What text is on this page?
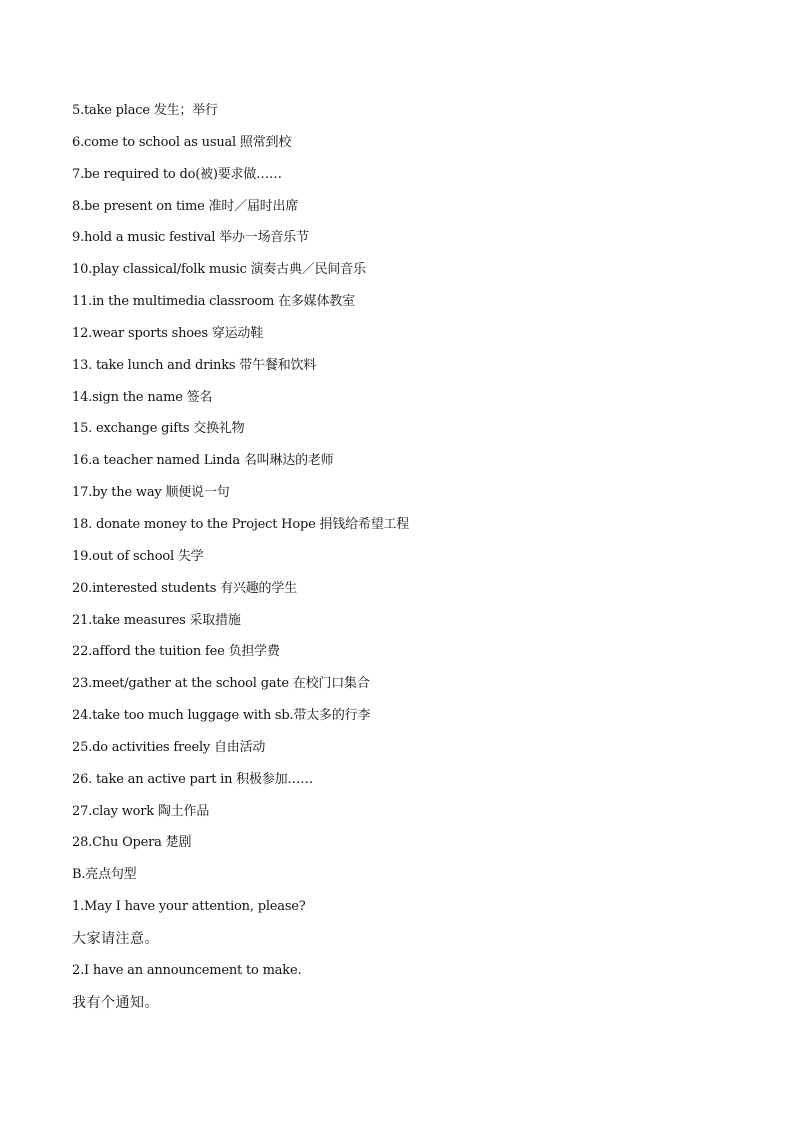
5.take place 发生；举行
6.come to school as usual 照常到校
7.be required to do(被)要求做……
8.be present on time 准时／届时出席
9.hold a music festival 举办一场音乐节
10.play classical/folk music 演奏古典／民间音乐
11.in the multimedia classroom 在多媒体教室
12.wear sports shoes 穿运动鞋
13. take lunch and drinks 带午餐和饮料
14.sign the name 签名
15. exchange gifts 交换礼物
16.a teacher named Linda 名叫琳达的老师
17.by the way 顺便说一句
18. donate money to the Project Hope 捐钱给希望工程
19.out of school 失学
20.interested students 有兴趣的学生
21.take measures 采取措施
22.afford the tuition fee 负担学费
23.meet/gather at the school gate 在校门口集合
24.take too much luggage with sb.带太多的行李
25.do activities freely 自由活动
26. take an active part in 积极参加……
27.clay work 陶土作品
28.Chu Opera 楚剧
B.亮点句型
1.May I have your attention, please?
大家请注意。
2.I have an announcement to make.
我有个通知。
